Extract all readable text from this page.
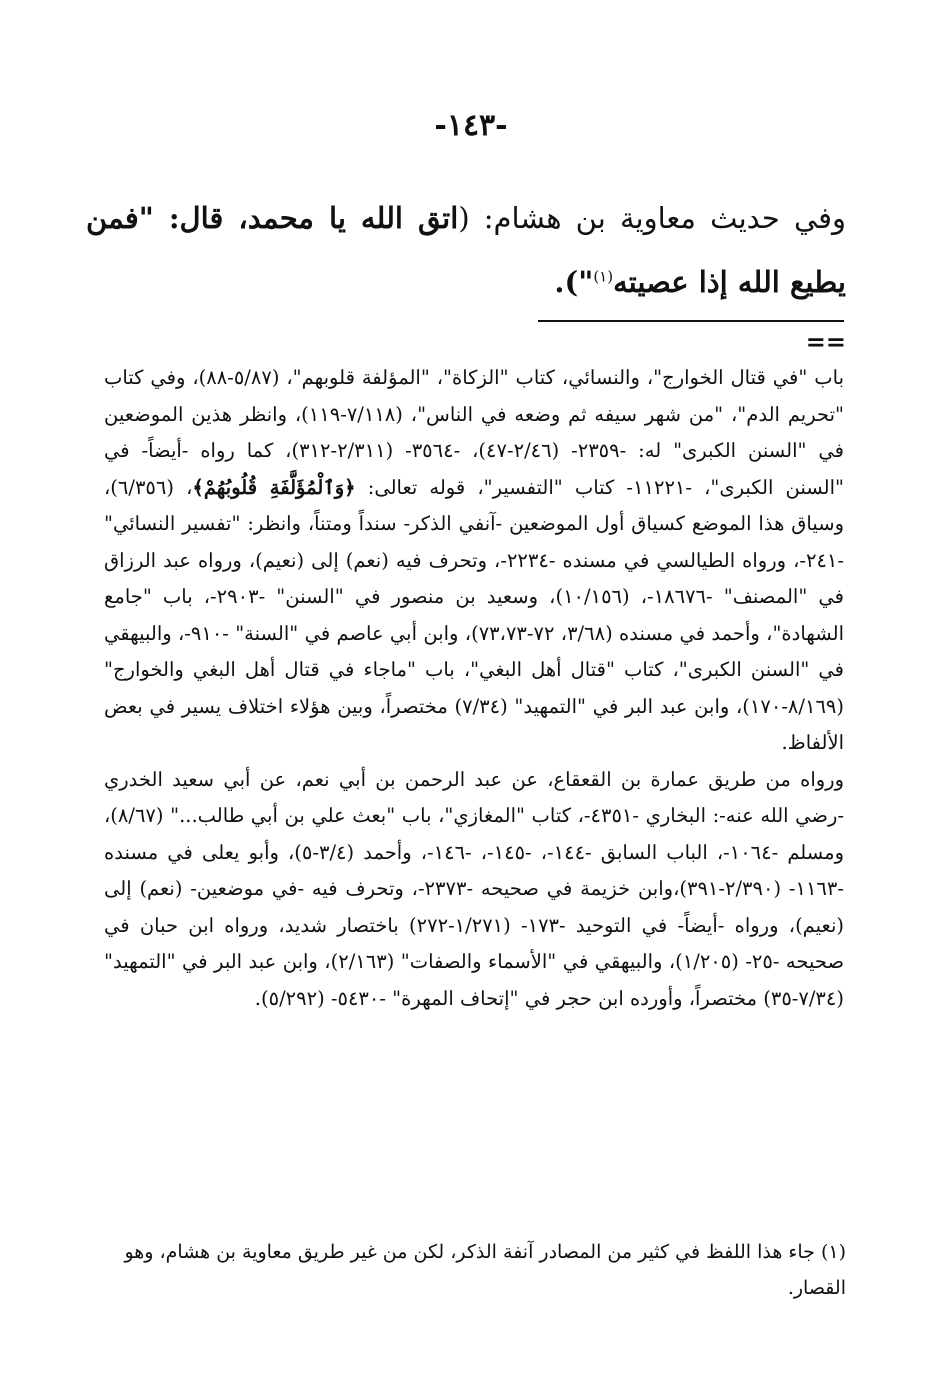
-١٤٣-
وفي حديث معاوية بن هشام: (اتق الله يا محمد، قال: "فمن يطيع الله إذا عصيته$^{(١)}$").
==

باب "في قتال الخوارج"، والنسائي، كتاب "الزكاة"، "المؤلفة قلوبهم"، (٥/٨٧-٨٨)، وفي كتاب "تحريم الدم"، "من شهر سيفه ثم وضعه في الناس"، (٧/١١٨-١١٩)، وانظر هذين الموضعين في "السنن الكبرى" له: -٢٣٥٩- (٢/٤٦-٤٧)، -٣٥٦٤- (٢/٣١١-٣١٢)، كما رواه -أيضاً- في "السنن الكبرى"، -١١٢٢١- كتاب "التفسير"، قوله تعالى: ﴿وَٱلْمُؤَلَّفَةِ قُلُوبُهُمْ﴾، (٦/٣٥٦)، وسياق هذا الموضع كسياق أول الموضعين -آنفي الذكر- سنداً ومتناً، وانظر: "تفسير النسائي" -٢٤١-، ورواه الطيالسي في مسنده -٢٢٣٤-، وتحرف فيه (نعم) إلى (نعيم)، ورواه عبد الرزاق في "المصنف" -١٨٦٧٦-، (١٠/١٥٦)، وسعيد بن منصور في "السنن" -٢٩٠٣-، باب "جامع الشهادة"، وأحمد في مسنده (٣/٦٨، ٧٢-٧٣،٧٣)، وابن أبي عاصم في "السنة" -٩١٠-، والبيهقي في "السنن الكبرى"، كتاب "قتال أهل البغي"، باب "ماجاء في قتال أهل البغي والخوارج" (٨/١٦٩-١٧٠)، وابن عبد البر في "التمهيد" (٧/٣٤) مختصراً، وبين هؤلاء اختلاف يسير في بعض الألفاظ.

ورواه من طريق عمارة بن القعقاع، عن عبد الرحمن بن أبي نعم، عن أبي سعيد الخدري -رضي الله عنه-: البخاري -٤٣٥١-، كتاب "المغازي"، باب "بعث علي بن أبي طالب..." (٨/٦٧)، ومسلم -١٠٦٤-، الباب السابق -١٤٤-، -١٤٥-، -١٤٦-، وأحمد (٣/٤-٥)، وأبو يعلى في مسنده -١١٦٣- (٢/٣٩٠-٣٩١)،وابن خزيمة في صحيحه -٢٣٧٣-، وتحرف فيه -في موضعين- (نعم) إلى (نعيم)، ورواه -أيضاً- في التوحيد -١٧٣- (١/٢٧١-٢٧٢) باختصار شديد، ورواه ابن حبان في صحيحه -٢٥- (١/٢٠٥)، والبيهقي في "الأسماء والصفات" (٢/١٦٣)، وابن عبد البر في "التمهيد" (٧/٣٤-٣٥) مختصراً، وأورده ابن حجر في "إتحاف المهرة" -٥٤٣٠- (٥/٢٩٢).

(١) جاء هذا اللفظ في كثير من المصادر آنفة الذكر، لكن من غير طريق معاوية بن هشام، وهو القصار.
